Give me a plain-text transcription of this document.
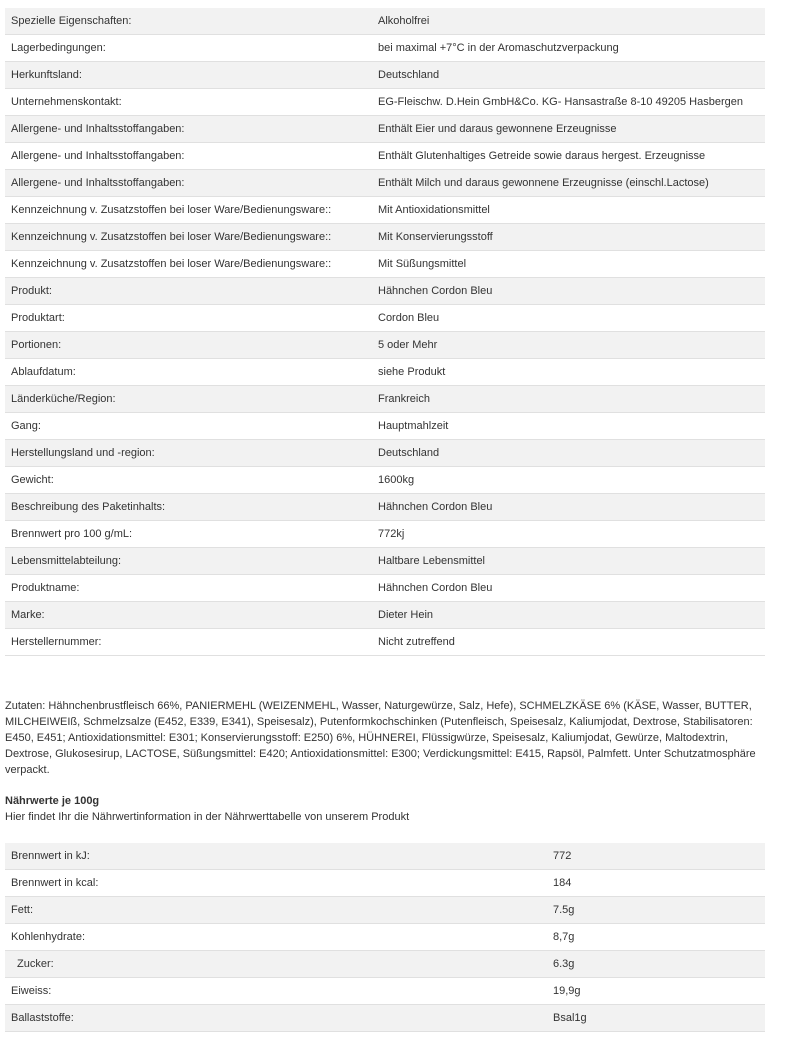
Spezielle Eigenschaften:	Alkoholfrei
Lagerbedingungen:	bei maximal +7°C in der Aromaschutzverpackung
Herkunftsland:	Deutschland
Unternehmenskontakt:	EG-Fleischw. D.Hein GmbH&Co. KG- Hansastraße 8-10 49205 Hasbergen
Allergene- und Inhaltsstoffangaben:	Enthält Eier und daraus gewonnene Erzeugnisse
Allergene- und Inhaltsstoffangaben:	Enthält Glutenhaltiges Getreide sowie daraus hergest. Erzeugnisse
Allergene- und Inhaltsstoffangaben:	Enthält Milch und daraus gewonnene Erzeugnisse (einschl.Lactose)
Kennzeichnung v. Zusatzstoffen bei loser Ware/Bedienungsware::	Mit Antioxidationsmittel
Kennzeichnung v. Zusatzstoffen bei loser Ware/Bedienungsware::	Mit Konservierungsstoff
Kennzeichnung v. Zusatzstoffen bei loser Ware/Bedienungsware::	Mit Süßungsmittel
Produkt:	Hähnchen Cordon Bleu
Produktart:	Cordon Bleu
Portionen:	5 oder Mehr
Ablaufdatum:	siehe Produkt
Länderküche/Region:	Frankreich
Gang:	Hauptmahlzeit
Herstellungsland und -region:	Deutschland
Gewicht:	1600kg
Beschreibung des Paketinhalts:	Hähnchen Cordon Bleu
Brennwert pro 100 g/mL:	772kj
Lebensmittelabteilung:	Haltbare Lebensmittel
Produktname:	Hähnchen Cordon Bleu
Marke:	Dieter Hein
Herstellernummer:	Nicht zutreffend

Zutaten: Hähnchenbrustfleisch 66%, PANIERMEHL (WEIZENMEHL, Wasser, Naturgewürze, Salz, Hefe), SCHMELZKÄSE 6% (KÄSE, Wasser, BUTTER, MILCHEIWEIß, Schmelzsalze (E452, E339, E341), Speisesalz), Putenformkochschinken (Putenfleisch, Speisesalz, Kaliumjodat, Dextrose, Stabilisatoren: E450, E451; Antioxidationsmittel: E301; Konservierungsstoff: E250) 6%, HÜHNEREI, Flüssigwürze, Speisesalz, Kaliumjodat, Gewürze, Maltodextrin, Dextrose, Glukosesirup, LACTOSE, Süßungsmittel: E420; Antioxidationsmittel: E300; Verdickungsmittel: E415, Rapsöl, Palmfett. Unter Schutzatmosphäre verpackt.

Nährwerte je 100g

Hier findet Ihr die Nährwertinformation in der Nährwerttabelle von unserem Produkt

Brennwert in kJ:	772
Brennwert in kcal:	184
Fett:	7.5g
Kohlenhydrate:	8,7g
Zucker:	6.3g
Eiweiss:	19,9g
Ballaststoffe:	Bsal1g
